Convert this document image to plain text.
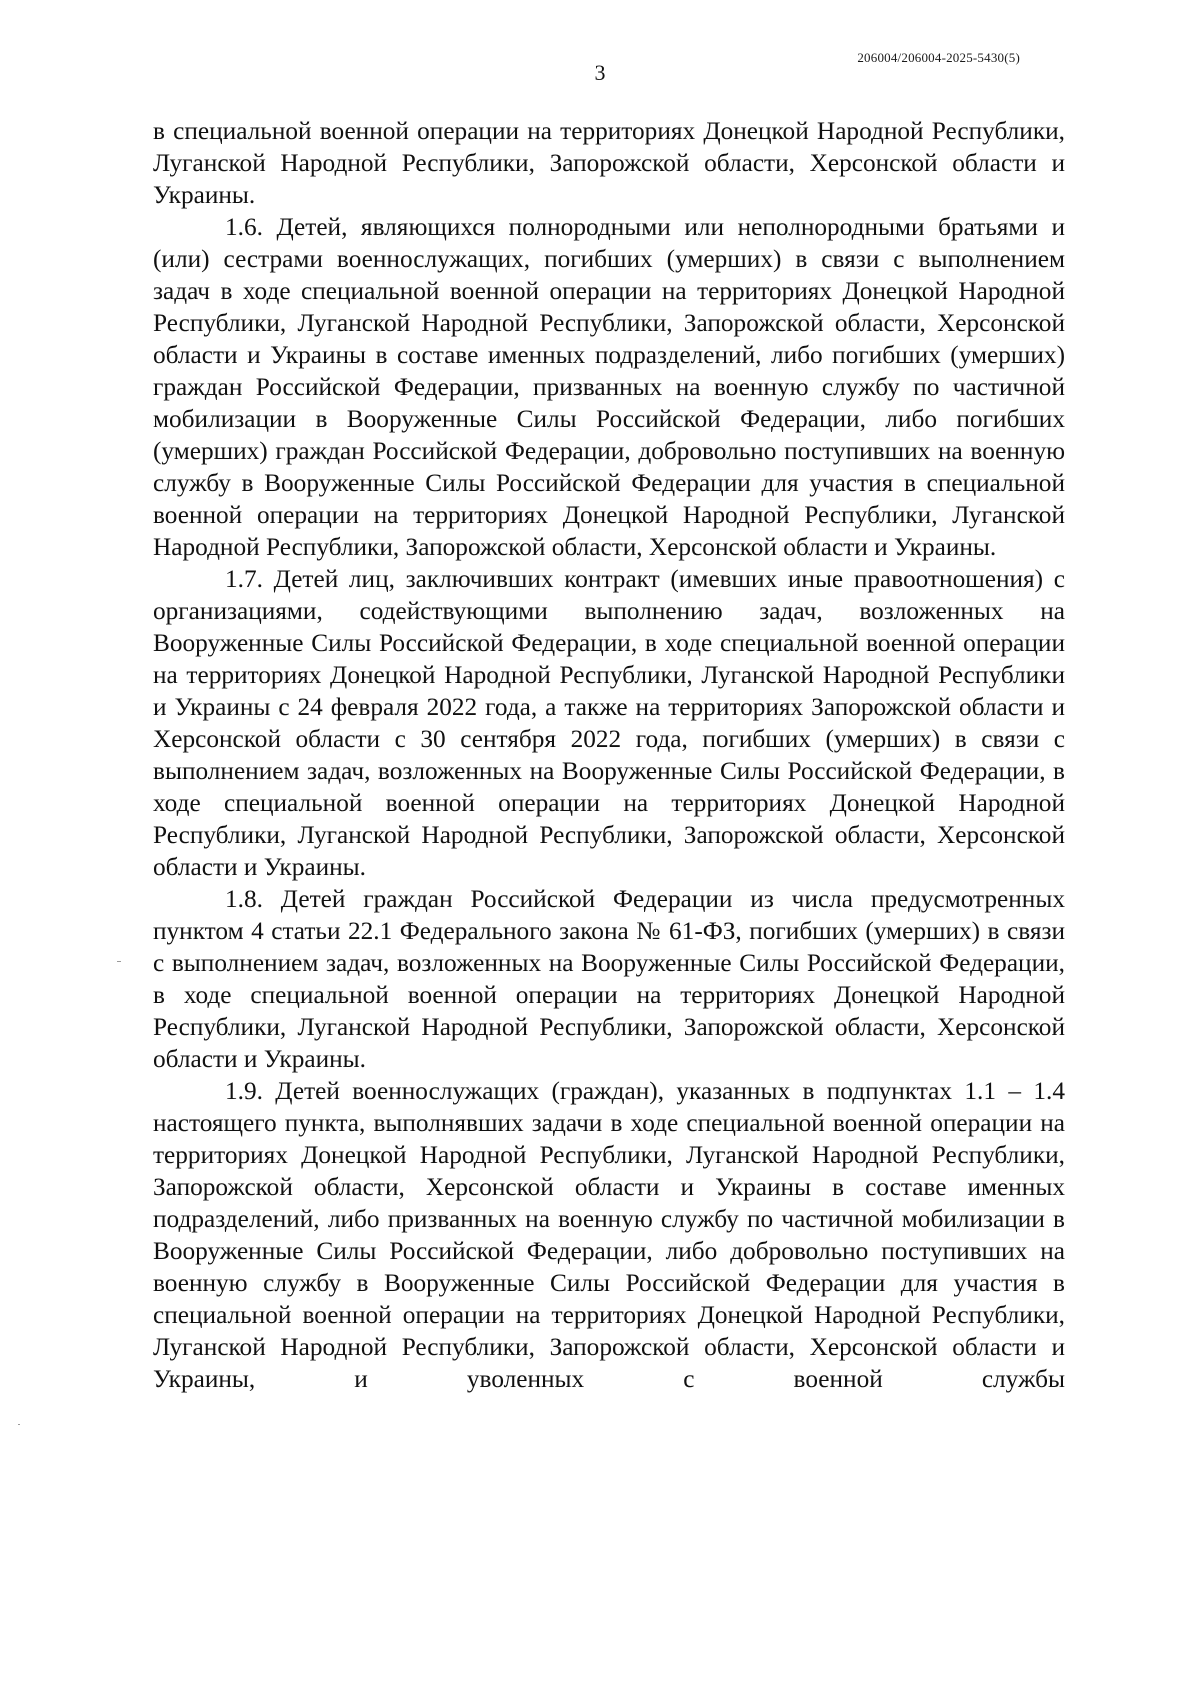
206004/206004-2025-5430(5)
3

в специальной военной операции на территориях Донецкой Народной Республики, Луганской Народной Республики, Запорожской области, Херсонской области и Украины.

1.6. Детей, являющихся полнородными или неполнородными братьями и (или) сестрами военнослужащих, погибших (умерших) в связи с выполнением задач в ходе специальной военной операции на территориях Донецкой Народной Республики, Луганской Народной Республики, Запорожской области, Херсонской области и Украины в составе именных подразделений, либо погибших (умерших) граждан Российской Федерации, призванных на военную службу по частичной мобилизации в Вооруженные Силы Российской Федерации, либо погибших (умерших) граждан Российской Федерации, добровольно поступивших на военную службу в Вооруженные Силы Российской Федерации для участия в специальной военной операции на территориях Донецкой Народной Республики, Луганской Народной Республики, Запорожской области, Херсонской области и Украины.

1.7. Детей лиц, заключивших контракт (имевших иные правоотношения) с организациями, содействующими выполнению задач, возложенных на Вооруженные Силы Российской Федерации, в ходе специальной военной операции на территориях Донецкой Народной Республики, Луганской Народной Республики и Украины с 24 февраля 2022 года, а также на территориях Запорожской области и Херсонской области с 30 сентября 2022 года, погибших (умерших) в связи с выполнением задач, возложенных на Вооруженные Силы Российской Федерации, в ходе специальной военной операции на территориях Донецкой Народной Республики, Луганской Народной Республики, Запорожской области, Херсонской области и Украины.

1.8. Детей граждан Российской Федерации из числа предусмотренных пунктом 4 статьи 22.1 Федерального закона № 61-ФЗ, погибших (умерших) в связи с выполнением задач, возложенных на Вооруженные Силы Российской Федерации, в ходе специальной военной операции на территориях Донецкой Народной Республики, Луганской Народной Республики, Запорожской области, Херсонской области и Украины.

1.9. Детей военнослужащих (граждан), указанных в подпунктах 1.1 – 1.4 настоящего пункта, выполнявших задачи в ходе специальной военной операции на территориях Донецкой Народной Республики, Луганской Народной Республики, Запорожской области, Херсонской области и Украины в составе именных подразделений, либо призванных на военную службу по частичной мобилизации в Вооруженные Силы Российской Федерации, либо добровольно поступивших на военную службу в Вооруженные Силы Российской Федерации для участия в специальной военной операции на территориях Донецкой Народной Республики, Луганской Народной Республики, Запорожской области, Херсонской области и Украины, и уволенных с военной службы
